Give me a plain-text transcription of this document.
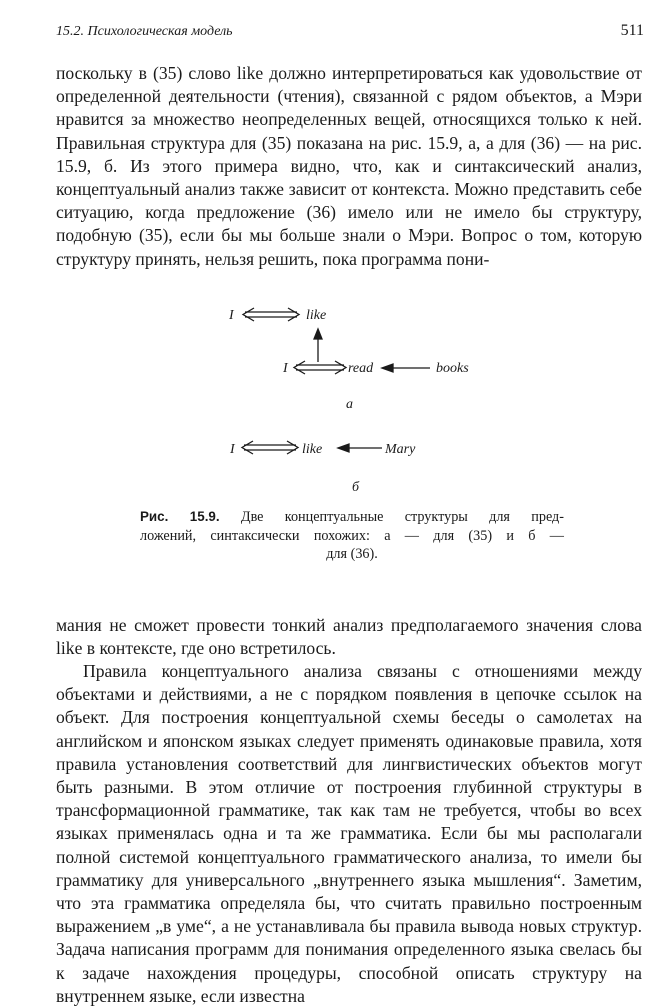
15.2. Психологическая модель	511

поскольку в (35) слово like должно интерпретироваться как удовольствие от определенной деятельности (чтения), связанной с рядом объектов, а Мэри нравится за множество неопределенных вещей, относящихся только к ней. Правильная структура для (35) показана на рис. 15.9, а, а для (36) — на рис. 15.9, б. Из этого примера видно, что, как и синтаксический анализ, концептуальный анализ также зависит от контекста. Можно представить себе ситуацию, когда предложение (36) имело или не имело бы структуру, подобную (35), если бы мы больше знали о Мэри. Вопрос о том, которую структуру принять, нельзя решить, пока программа пони-

I	like
I	read	books
а
I	like	Mary
б

Рис. 15.9. Две концептуальные структуры для пред-
ложений, синтаксически похожих: а — для (35) и б —
для (36).

мания не сможет провести тонкий анализ предполагаемого значения слова like в контексте, где оно встретилось.

Правила концептуального анализа связаны с отношениями между объектами и действиями, а не с порядком появления в цепочке ссылок на объект. Для построения концептуальной схемы беседы о самолетах на английском и японском языках следует применять одинаковые правила, хотя правила установления соответствий для лингвистических объектов могут быть разными. В этом отличие от построения глубинной структуры в трансформационной грамматике, так как там не требуется, чтобы во всех языках применялась одна и та же грамматика. Если бы мы располагали полной системой концептуального грамматического анализа, то имели бы грамматику для универсального „внутреннего языка мышления“. Заметим, что эта грамматика определяла бы, что считать правильно построенным выражением „в уме“, а не устанавливала бы правила вывода новых структур. Задача написания программ для понимания определенного языка свелась бы к задаче нахождения процедуры, способной описать структуру на внутреннем языке, если известна
